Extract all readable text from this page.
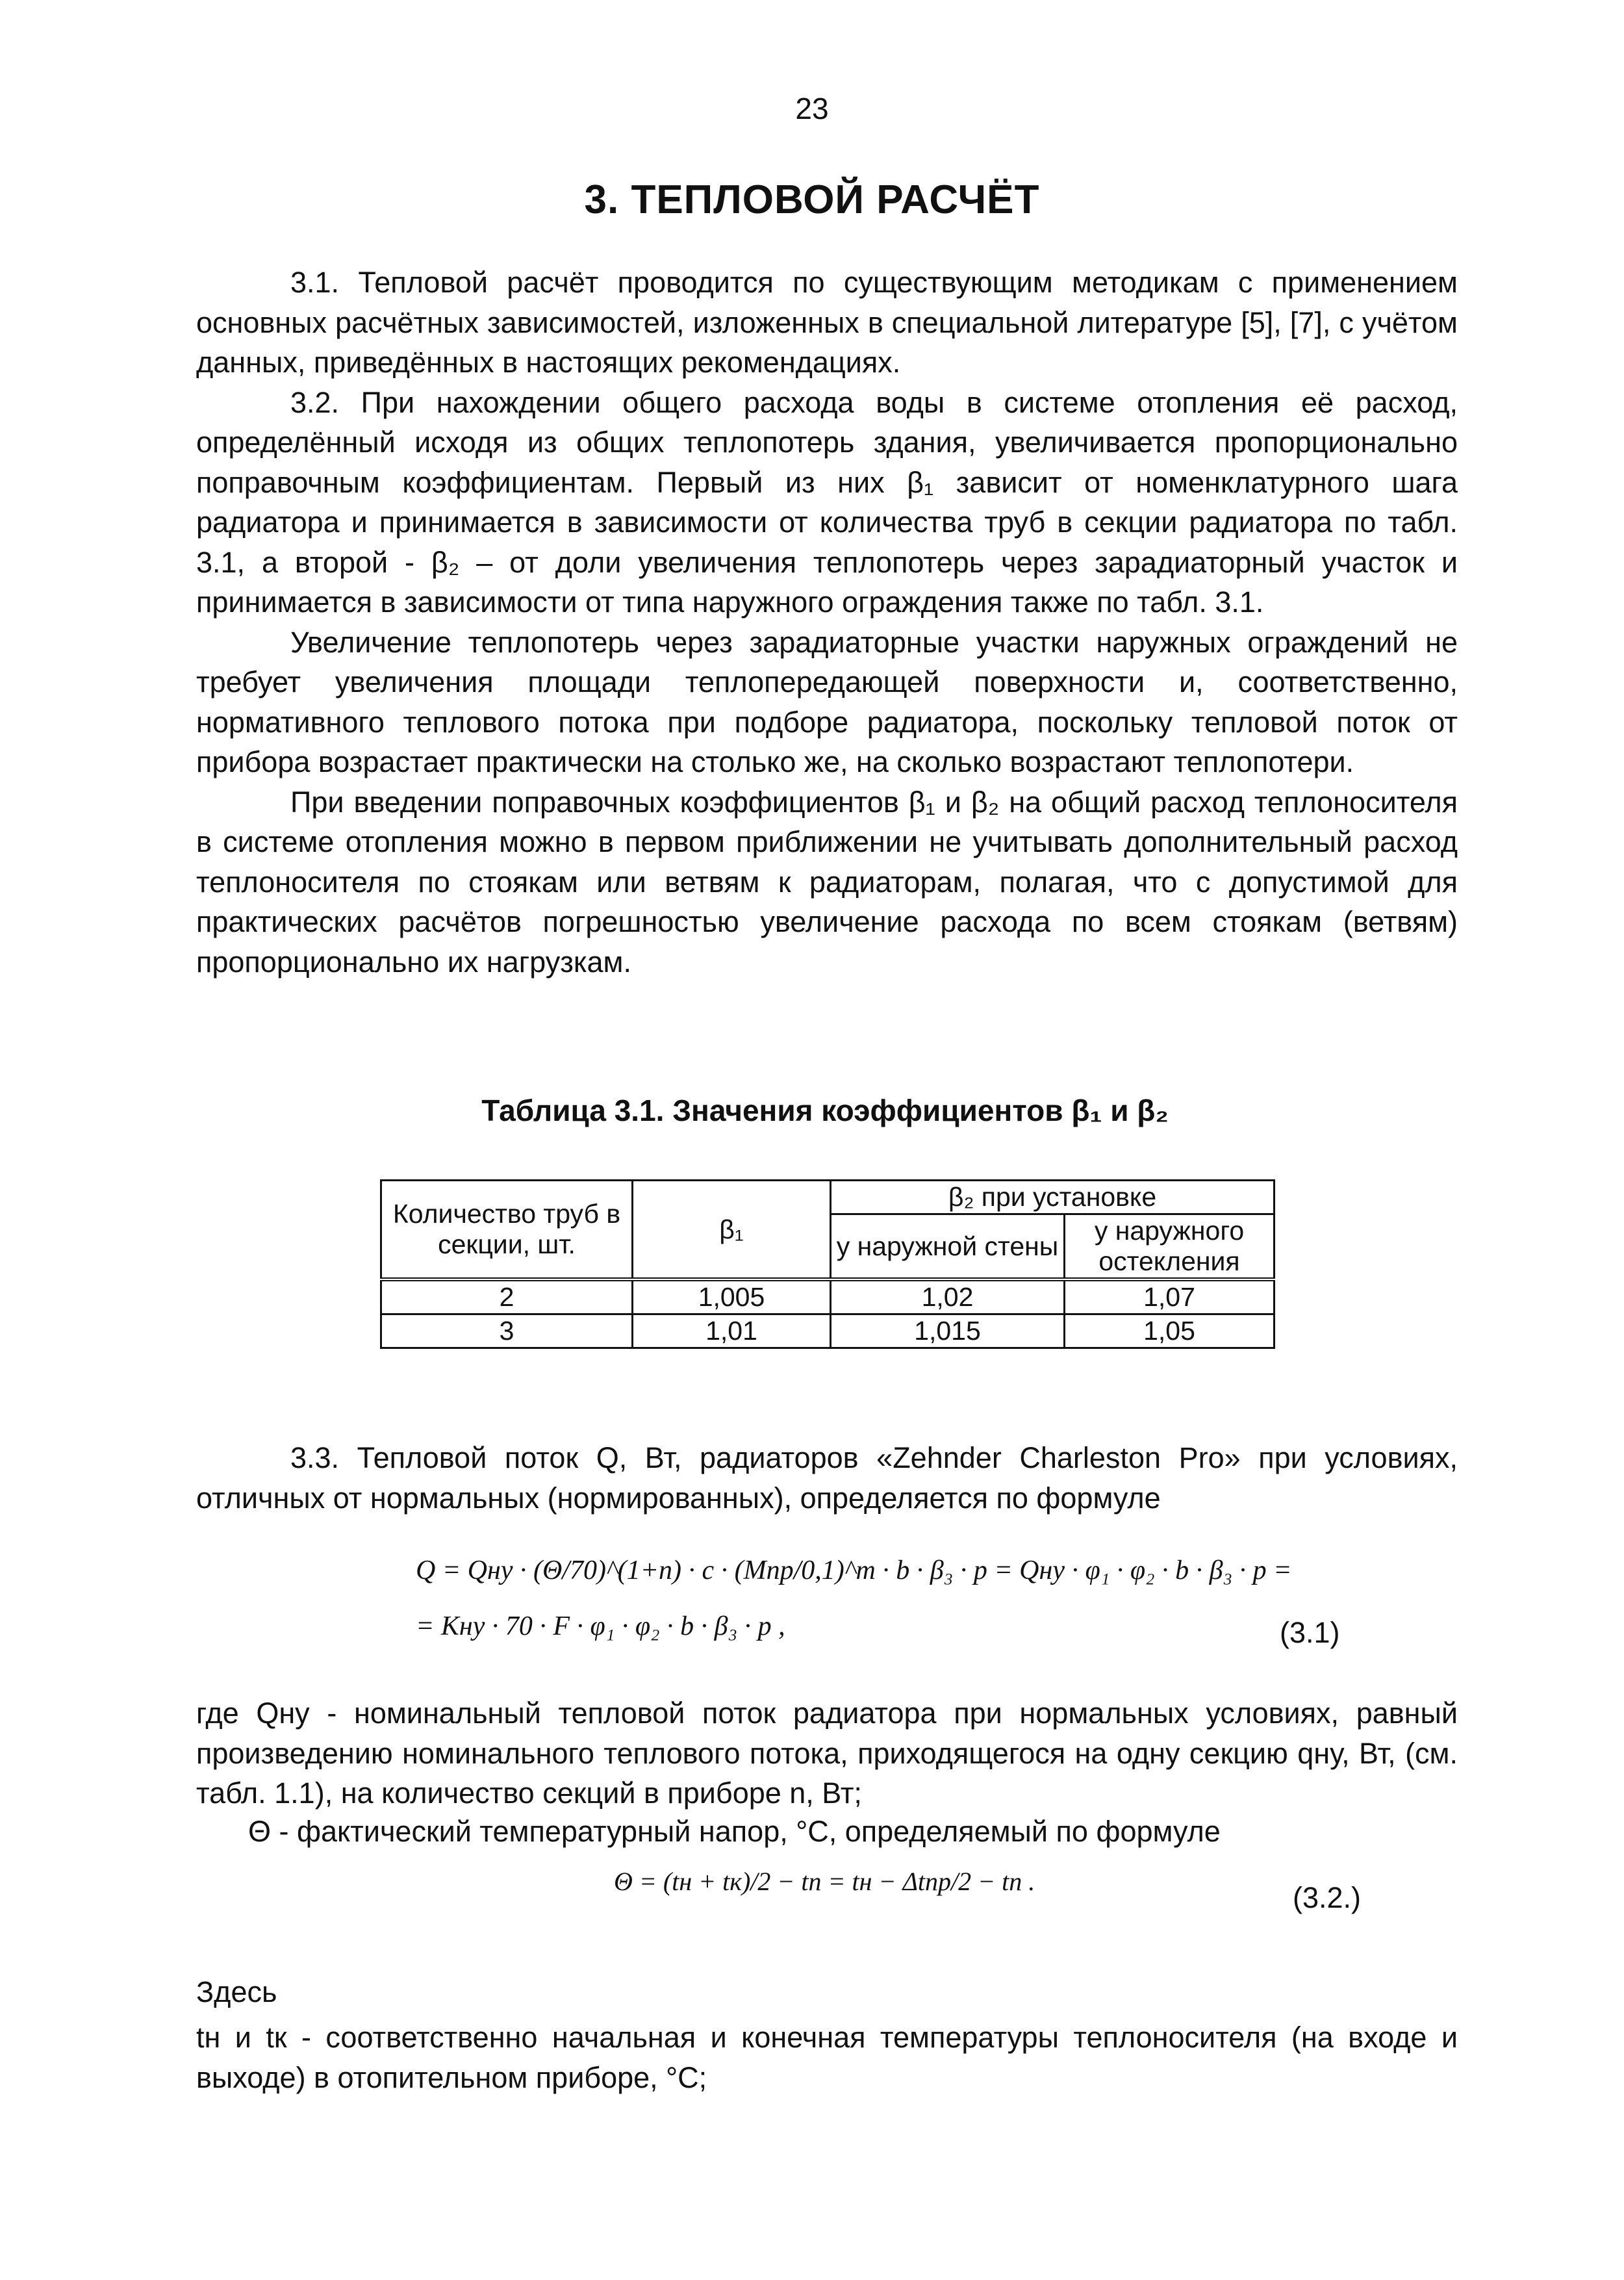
23
3. ТЕПЛОВОЙ РАСЧЁТ

3.1. Тепловой расчёт проводится по существующим методикам с применением основных расчётных зависимостей, изложенных в специальной литературе [5], [7], с учётом данных, приведённых в настоящих рекомендациях.

3.2. При нахождении общего расхода воды в системе отопления её расход, определённый исходя из общих теплопотерь здания, увеличивается пропорционально поправочным коэффициентам. Первый из них β₁ зависит от номенклатурного шага радиатора и принимается в зависимости от количества труб в секции радиатора по табл. 3.1, а второй - β₂ – от доли увеличения теплопотерь через зарадиаторный участок и принимается в зависимости от типа наружного ограждения также по табл. 3.1.

Увеличение теплопотерь через зарадиаторные участки наружных ограждений не требует увеличения площади теплопередающей поверхности и, соответственно, нормативного теплового потока при подборе радиатора, поскольку тепловой поток от прибора возрастает практически на столько же, на сколько возрастают теплопотери.

При введении поправочных коэффициентов β₁ и β₂ на общий расход теплоносителя в системе отопления можно в первом приближении не учитывать дополнительный расход теплоносителя по стоякам или ветвям к радиаторам, полагая, что с допустимой для практических расчётов погрешностью увеличение расхода по всем стоякам (ветвям) пропорционально их нагрузкам.

Таблица 3.1. Значения коэффициентов β₁ и β₂
Количество труб в секции, шт.	β₁	β₂ при установке	
		у наружной стены	у наружного остекления
2	1,005	1,02	1,07
3	1,01	1,015	1,05

3.3. Тепловой поток Q, Вт, радиаторов «Zehnder Charleston Pro» при условиях, отличных от нормальных (нормированных), определяется по формуле

Q = Qну · (Θ/70)^(1+n) · c · (Mпр/0,1)^m · b · β₃ · p = Qну · φ₁ · φ₂ · b · β₃ · p =
= Kну · 70 · F · φ₁ · φ₂ · b · β₃ · p ,	(3.1)

где Qну - номинальный тепловой поток радиатора при нормальных условиях, равный произведению номинального теплового потока, приходящегося на одну секцию qну, Вт, (см. табл. 1.1), на количество секций в приборе n, Вт;

Θ - фактический температурный напор, °С, определяемый по формуле
Θ = (tн + tк)/2 − tп = tн − Δtпр/2 − tп .	(3.2.)
Здесь

tн и tк - соответственно начальная и конечная температуры теплоносителя (на входе и выходе) в отопительном приборе, °С;
